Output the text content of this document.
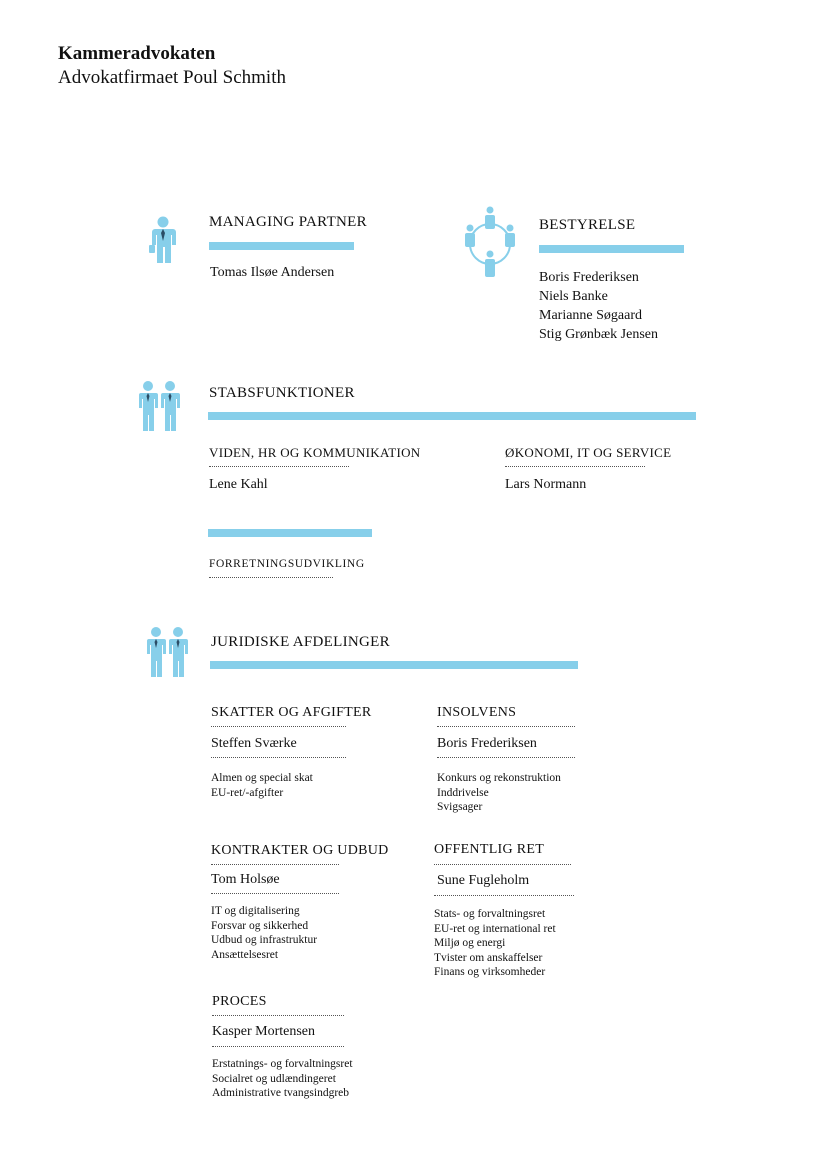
Kammeradvokaten
Advokatfirmaet Poul Schmith
MANAGING PARTNER
Tomas Ilsøe Andersen
BESTYRELSE
Boris Frederiksen
Niels Banke
Marianne Søgaard
Stig Grønbæk Jensen
STABSFUNKTIONER
VIDEN, HR OG KOMMUNIKATION
Lene Kahl
ØKONOMI, IT OG SERVICE
Lars Normann
FORRETNINGSUDVIKLING
JURIDISKE AFDELINGER
SKATTER OG AFGIFTER
Steffen Sværke
Almen og special skat
EU-ret/-afgifter
INSOLVENS
Boris Frederiksen
Konkurs og rekonstruktion
Inddrivelse
Svigsager
KONTRAKTER OG UDBUD
Tom Holsøe
IT og digitalisering
Forsvar og sikkerhed
Udbud og infrastruktur
Ansættelsesret
OFFENTLIG RET
Sune Fugleholm
Stats- og forvaltningsret
EU-ret og international ret
Miljø og energi
Tvister om anskaffelser
Finans og virksomheder
PROCES
Kasper Mortensen
Erstatnings- og forvaltningsret
Socialret og udlændingeret
Administrative tvangsindgreb
